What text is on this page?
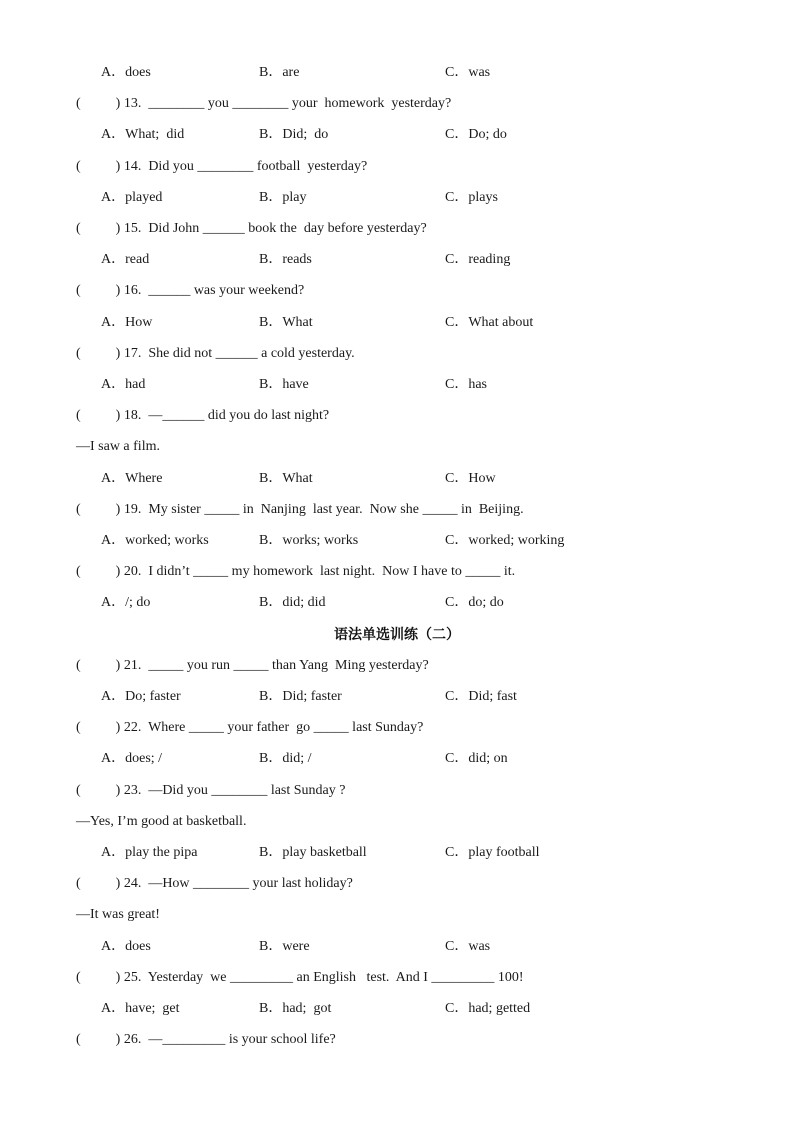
A．does	B．are	C．was
(          ) 13.  ________ you ________ your  homework  yesterday?
A．What;  did	B．Did;  do	C．Do; do
(          ) 14.  Did you ________ football  yesterday?
A．played	B．play	C．plays
(          ) 15.  Did John ______ book the  day before yesterday?
A．read	B．reads	C．reading
(          ) 16.  ______ was your weekend?
A．How	B．What	C．What about
(          ) 17.  She did not ______ a cold yesterday.
A．had	B．have	C．has
(          ) 18.  —______ did you do last night?
—I saw a film.
A．Where	B．What	C．How
(          ) 19.  My sister _____ in  Nanjing  last year.  Now she _____ in  Beijing.
A．worked; works	B．works; works	C．worked; working
(          ) 20.  I didn’t _____ my homework  last night.  Now I have to _____ it.
A．/; do	B．did; did	C．do; do
语法单选训练（二）
(          ) 21.  _____ you run _____ than Yang  Ming yesterday?
A．Do; faster	B．Did; faster	C．Did; fast
(          ) 22.  Where _____ your father  go _____ last Sunday?
A．does; /	B．did; /	C．did; on
(          ) 23.  —Did you ________ last Sunday ?
—Yes, I’m good at basketball.
A．play the pipa	B．play basketball	C．play football
(          ) 24.  —How ________ your last holiday?
—It was great!
A．does	B．were	C．was
(          ) 25.  Yesterday  we _________ an English   test.  And I _________ 100!
A．have;  get	B．had;  got	C．had; getted
(          ) 26.  —_________ is your school life?
